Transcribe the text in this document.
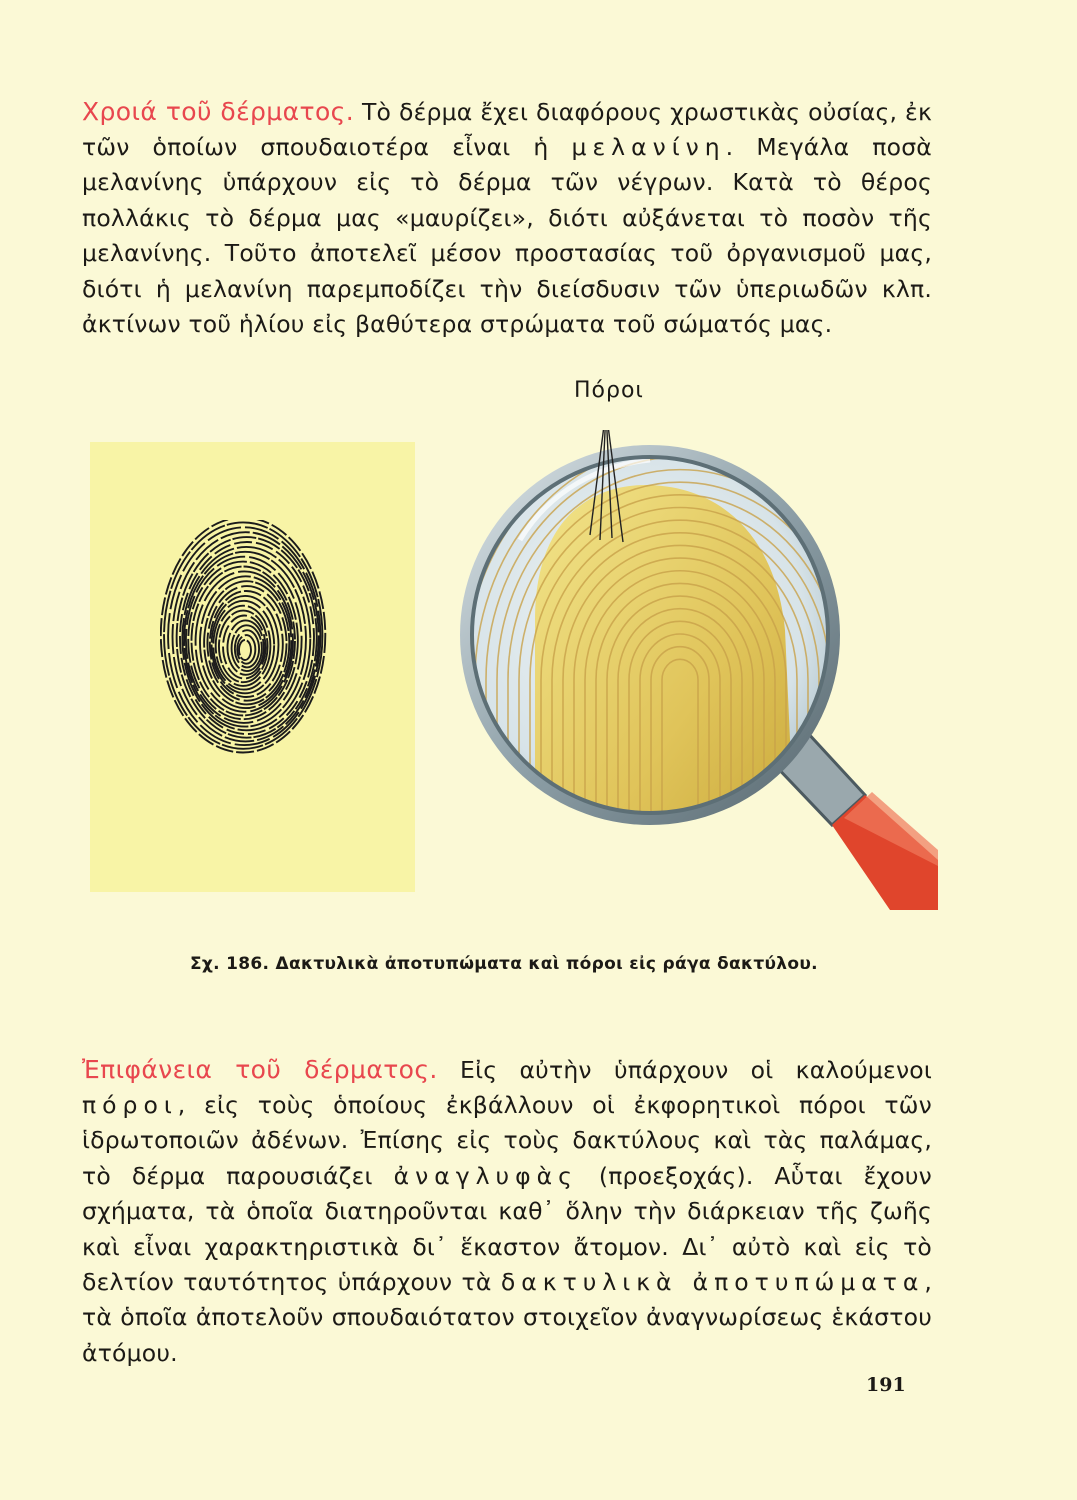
Χροιά τοῦ δέρματος. Τὸ δέρμα ἔχει διαφόρους χρωστικὰς οὐσίας, ἐκ τῶν ὁποίων σπουδαιοτέρα εἶναι ἡ μελανίνη. Μεγάλα ποσὰ μελανίνης ὑπάρχουν εἰς τὸ δέρμα τῶν νέγρων. Κατὰ τὸ θέρος πολλάκις τὸ δέρμα μας «μαυρίζει», διότι αὐξάνεται τὸ ποσὸν τῆς μελανίνης. Τοῦτο ἀποτελεῖ μέσον προστασίας τοῦ ὀργανισμοῦ μας, διότι ἡ μελανίνη παρεμποδίζει τὴν διείσδυσιν τῶν ὑπεριωδῶν κλπ. ἀκτίνων τοῦ ἡλίου εἰς βαθύτερα στρώματα τοῦ σώματός μας.

Πόροι
Σχ. 186. Δακτυλικὰ ἀποτυπώματα καὶ πόροι εἰς ράγα δακτύλου.

Ἐπιφάνεια τοῦ δέρματος. Εἰς αὐτὴν ὑπάρχουν οἱ καλούμενοι πόροι, εἰς τοὺς ὁποίους ἐκβάλλουν οἱ ἐκφορητικοὶ πόροι τῶν ἱδρωτοποιῶν ἀδένων. Ἐπίσης εἰς τοὺς δακτύλους καὶ τὰς παλάμας, τὸ δέρμα παρουσιάζει ἀναγλυφὰς (προεξοχάς). Αὗται ἔχουν σχήματα, τὰ ὁποῖα διατηροῦνται καθ᾽ ὅλην τὴν διάρκειαν τῆς ζωῆς καὶ εἶναι χαρακτηριστικὰ δι᾽ ἕκαστον ἄτομον. Δι᾽ αὐτὸ καὶ εἰς τὸ δελτίον ταυτότητος ὑπάρχουν τὰ δακτυλικὰ ἀποτυπώματα, τὰ ὁποῖα ἀποτελοῦν σπουδαιότατον στοιχεῖον ἀναγνωρίσεως ἑκάστου ἀτόμου.

191
